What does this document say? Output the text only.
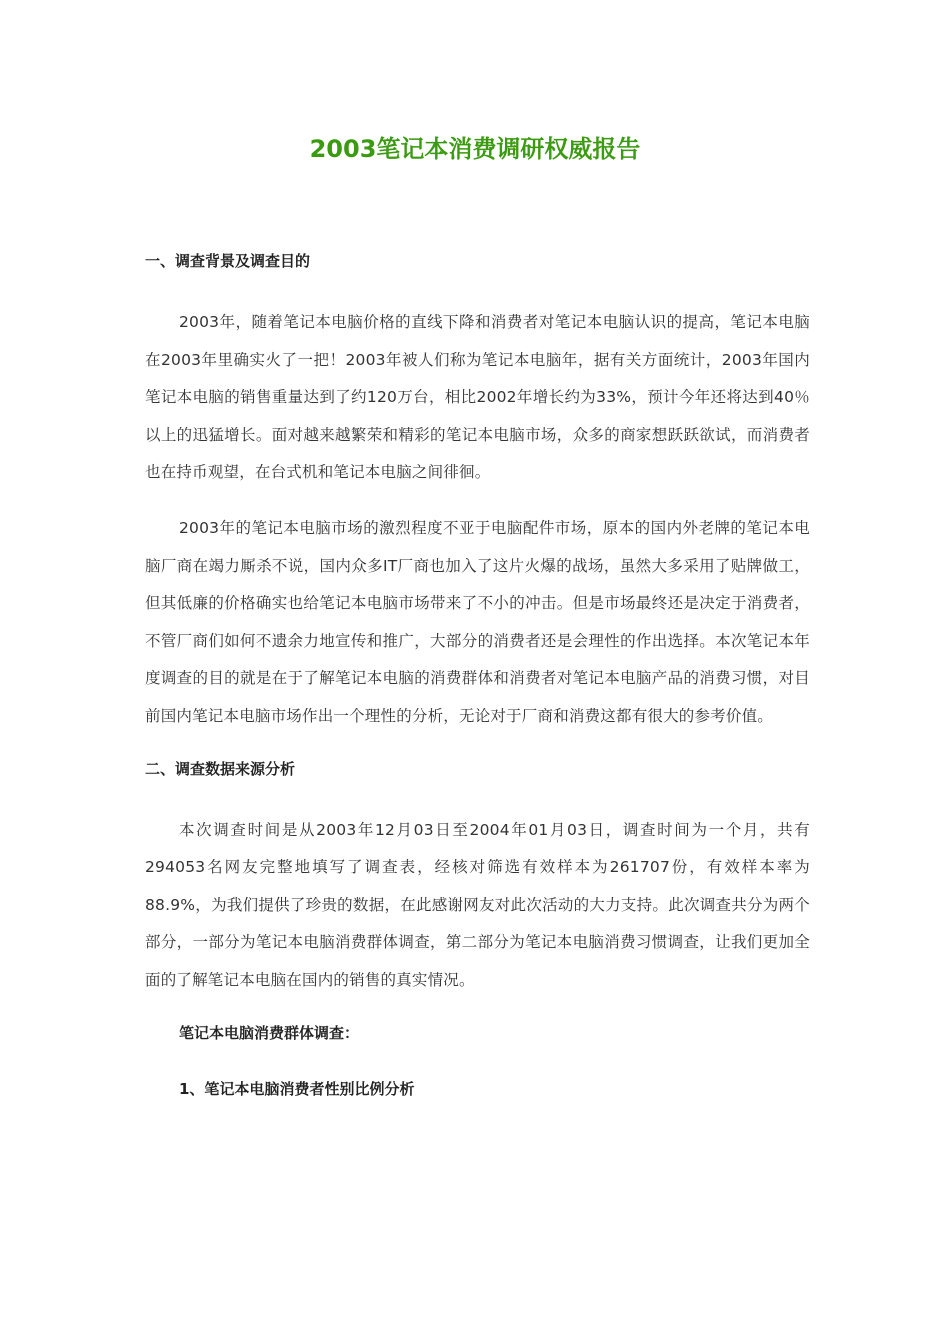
2003笔记本消费调研权威报告
一、调查背景及调查目的

2003年，随着笔记本电脑价格的直线下降和消费者对笔记本电脑认识的提高，笔记本电脑在2003年里确实火了一把！2003年被人们称为笔记本电脑年，据有关方面统计，2003年国内笔记本电脑的销售重量达到了约120万台，相比2002年增长约为33%，预计今年还将达到40％以上的迅猛增长。面对越来越繁荣和精彩的笔记本电脑市场，众多的商家想跃跃欲试，而消费者也在持币观望，在台式机和笔记本电脑之间徘徊。

2003年的笔记本电脑市场的激烈程度不亚于电脑配件市场，原本的国内外老牌的笔记本电脑厂商在竭力厮杀不说，国内众多IT厂商也加入了这片火爆的战场，虽然大多采用了贴牌做工，但其低廉的价格确实也给笔记本电脑市场带来了不小的冲击。但是市场最终还是决定于消费者，不管厂商们如何不遗余力地宣传和推广，大部分的消费者还是会理性的作出选择。本次笔记本年度调查的目的就是在于了解笔记本电脑的消费群体和消费者对笔记本电脑产品的消费习惯，对目前国内笔记本电脑市场作出一个理性的分析，无论对于厂商和消费这都有很大的参考价值。

二、调查数据来源分析

本次调查时间是从2003年12月03日至2004年01月03日，调查时间为一个月，共有294053名网友完整地填写了调查表，经核对筛选有效样本为261707份，有效样本率为88.9%，为我们提供了珍贵的数据，在此感谢网友对此次活动的大力支持。此次调查共分为两个部分，一部分为笔记本电脑消费群体调查，第二部分为笔记本电脑消费习惯调查，让我们更加全面的了解笔记本电脑在国内的销售的真实情况。

笔记本电脑消费群体调查：
1、笔记本电脑消费者性别比例分析
